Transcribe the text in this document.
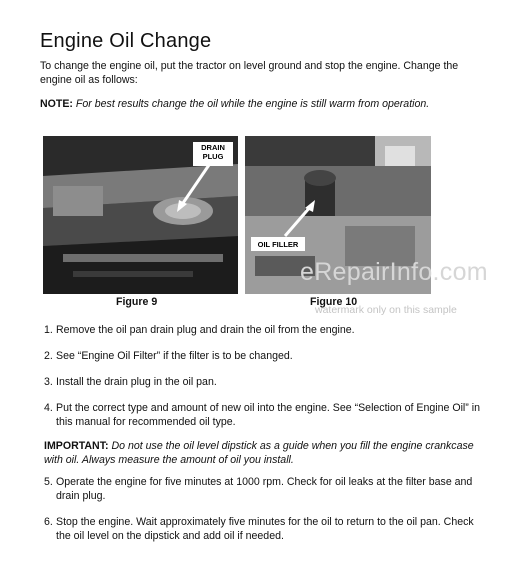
Engine Oil Change
To change the engine oil, put the tractor on level ground and stop the engine. Change the engine oil as follows:
NOTE: For best results change the oil while the engine is still warm from operation.
DRAIN PLUG
OIL FILLER
Figure 9	Figure 10
eRepairInfo.com
watermark only on this sample
1. Remove the oil pan drain plug and drain the oil from the engine.
2. See “Engine Oil Filter” if the filter is to be changed.
3. Install the drain plug in the oil pan.
4. Put the correct type and amount of new oil into the engine. See “Selection of Engine Oil” in this manual for recommended oil type.
5. Operate the engine for five minutes at 1000 rpm. Check for oil leaks at the filter base and drain plug.
6. Stop the engine. Wait approximately five minutes for the oil to return to the oil pan. Check the oil level on the dipstick and add oil if needed.
IMPORTANT: Do not use the oil level dipstick as a guide when you fill the engine crankcase with oil. Always measure the amount of oil you install.
